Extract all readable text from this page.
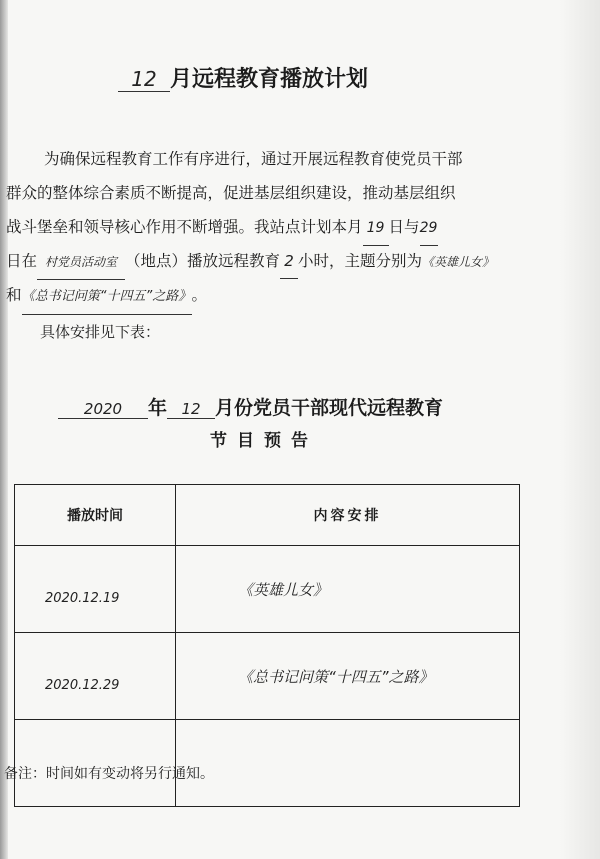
12 月远程教育播放计划
为确保远程教育工作有序进行，通过开展远程教育使党员干部
群众的整体综合素质不断提高，促进基层组织建设，推动基层组织
战斗堡垒和领导核心作用不断增强。我站点计划本月 19 日与29
日在 村党员活动室 （地点）播放远程教育 2 小时，主题分别为《英雄儿女》
和《总书记问策“十四五”之路》。
具体安排见下表：
2020 年 12 月份党员干部现代远程教育
节目预告
播放时间	内容安排
2020.12.19	《英雄儿女》
2020.12.29	《总书记问策“十四五”之路》

备注：时间如有变动将另行通知。
